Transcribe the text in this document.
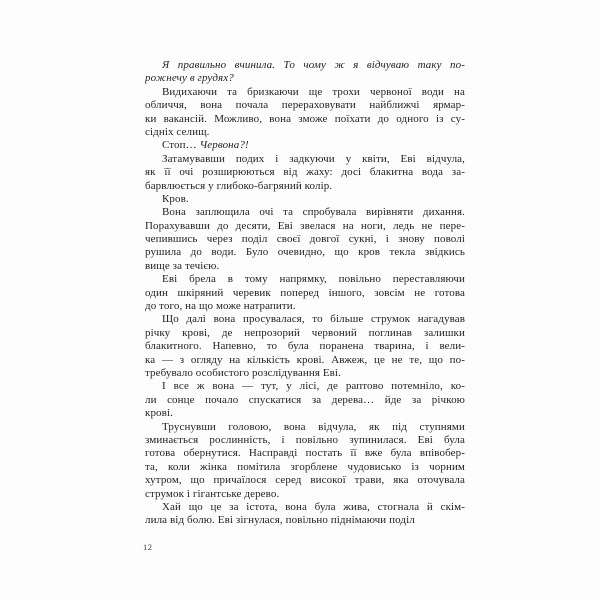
Я правильно вчинила. То чому ж я відчуваю таку по-
рожнечу в грудях?
Видихаючи та бризкаючи ще трохи червоної води на
обличчя, вона почала перераховувати найближчі ярмар-
ки вакансій. Можливо, вона зможе поїхати до одного із су-
сідніх селищ.
Стоп… Червона?!
Затамувавши подих і задкуючи у квіти, Еві відчула,
як її очі розширюються від жаху: досі блакитна вода за-
барвлюється у глибоко-багряний колір.
Кров.
Вона заплющила очі та спробувала вирівняти дихання.
Порахувавши до десяти, Еві звелася на ноги, ледь не пере-
чепившись через поділ своєї довгої сукні, і знову поволі
рушила до води. Було очевидно, що кров текла звідкись
вище за течією.
Еві брела в тому напрямку, повільно переставляючи
один шкіряний черевик поперед іншого, зовсім не готова
до того, на що може натрапити.
Що далі вона просувалася, то більше струмок нагадував
річку крові, де непрозорий червоний поглинав залишки
блакитного. Напевно, то була поранена тварина, і вели-
ка — з огляду на кількість крові. Авжеж, це не те, що по-
требувало особистого розслідування Еві.
І все ж вона — тут, у лісі, де раптово потемніло, ко-
ли сонце почало спускатися за дерева… йде за річкою
крові.
Труснувши головою, вона відчула, як під ступнями
зминається рослинність, і повільно зупинилася. Еві була
готова обернутися. Насправді постать її вже була впівобер-
та, коли жінка помітила згорблене чудовисько із чорним
хутром, що причаїлося серед високої трави, яка оточувала
струмок і гігантське дерево.
Хай що це за істота, вона була жива, стогнала й скім-
лила від болю. Еві зігнулася, повільно піднімаючи поділ
12
